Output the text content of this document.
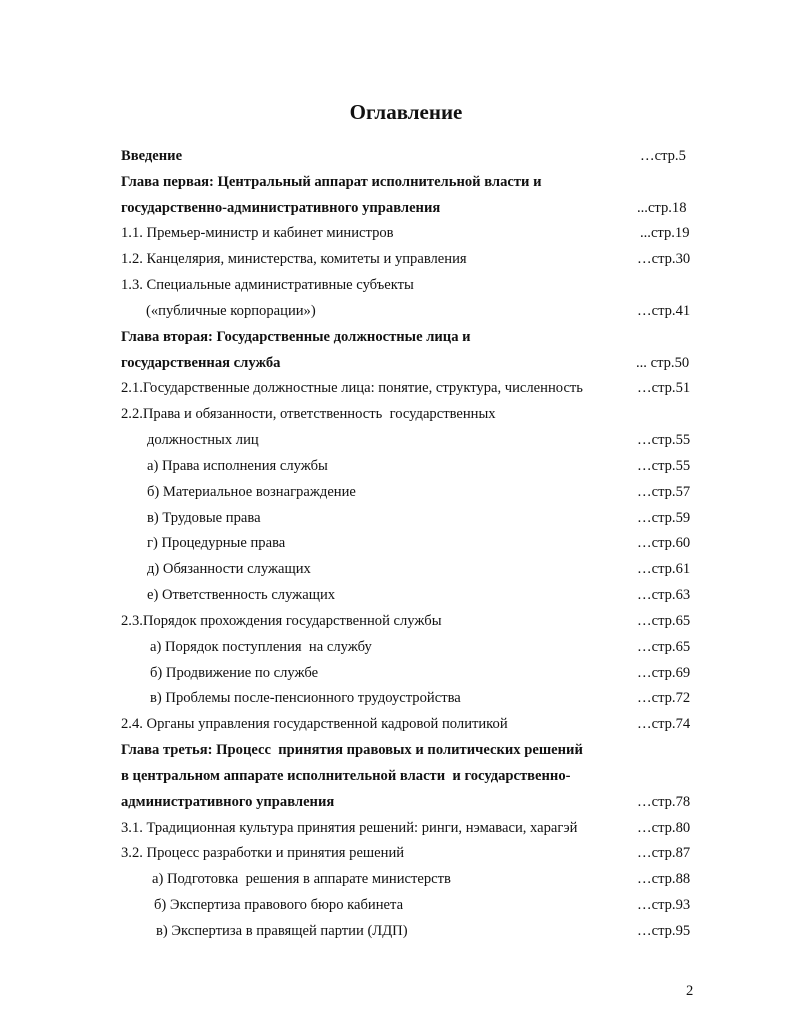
Оглавление
Введение	…стр.5
Глава первая: Центральный аппарат исполнительной власти и
государственно-административного управления	...стр.18
1.1. Премьер-министр и кабинет министров	...стр.19
1.2. Канцелярия, министерства, комитеты и управления	…стр.30
1.3. Специальные административные субъекты
(«публичные корпорации»)	…стр.41
Глава вторая: Государственные должностные лица и
государственная служба	... стр.50
2.1.Государственные должностные лица: понятие, структура, численность	…стр.51
2.2.Права и обязанности, ответственность  государственных
должностных лиц	…стр.55
а) Права исполнения службы	…стр.55
б) Материальное вознаграждение	…стр.57
в) Трудовые права	…стр.59
г) Процедурные права	…стр.60
д) Обязанности служащих	…стр.61
е) Ответственность служащих	…стр.63
2.3.Порядок прохождения государственной службы	…стр.65
а) Порядок поступления  на службу	…стр.65
б) Продвижение по службе	…стр.69
в) Проблемы после-пенсионного трудоустройства	…стр.72
2.4. Органы управления государственной кадровой политикой	…стр.74
Глава третья: Процесс  принятия правовых и политических решений
в центральном аппарате исполнительной власти  и государственно-
административного управления	…стр.78
3.1. Традиционная культура принятия решений: ринги, нэмаваси, харагэй	…стр.80
3.2. Процесс разработки и принятия решений	…стр.87
а) Подготовка  решения в аппарате министерств	…стр.88
б) Экспертиза правового бюро кабинета	…стр.93
в) Экспертиза в правящей партии (ЛДП)	…стр.95
2
